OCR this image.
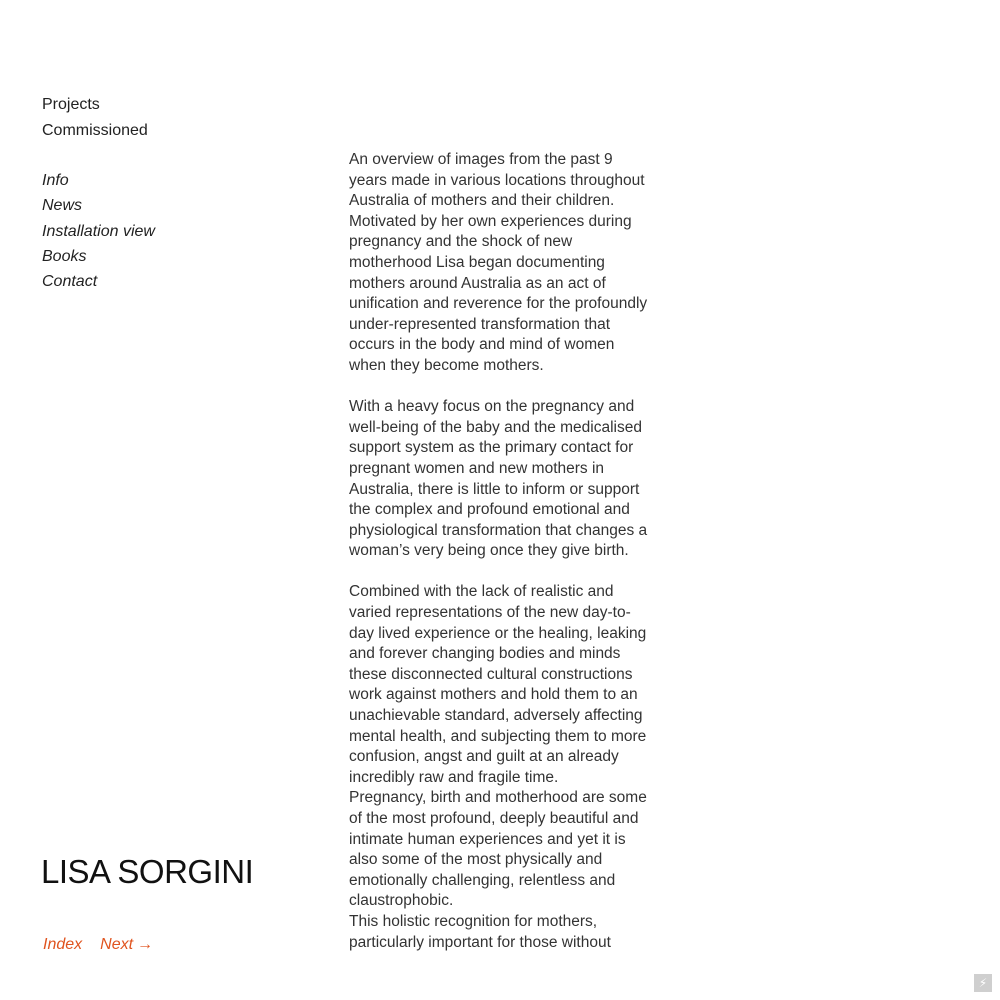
Projects
Commissioned
Info
News
Installation view
Books
Contact

An overview of images from the past 9 years made in various locations throughout Australia of mothers and their children.

Motivated by her own experiences during pregnancy and the shock of new motherhood Lisa began documenting mothers around Australia as an act of unification and reverence for the profoundly under-represented transformation that occurs in the body and mind of women when they become mothers.

With a heavy focus on the pregnancy and well-being of the baby and the medicalised support system as the primary contact for pregnant women and new mothers in Australia, there is little to inform or support the complex and profound emotional and physiological transformation that changes a woman’s very being once they give birth.

Combined with the lack of realistic and varied representations of the new day-to-day lived experience or the healing, leaking and forever changing bodies and minds these disconnected cultural constructions work against mothers and hold them to an unachievable standard, adversely affecting mental health, and subjecting them to more confusion, angst and guilt at an already incredibly raw and fragile time.

Pregnancy, birth and motherhood are some of the most profound, deeply beautiful and intimate human experiences and yet it is also some of the most physically and emotionally challenging, relentless and claustrophobic.

This holistic recognition for mothers, particularly important for those without

LISA SORGINI
Index Next →
⚡
